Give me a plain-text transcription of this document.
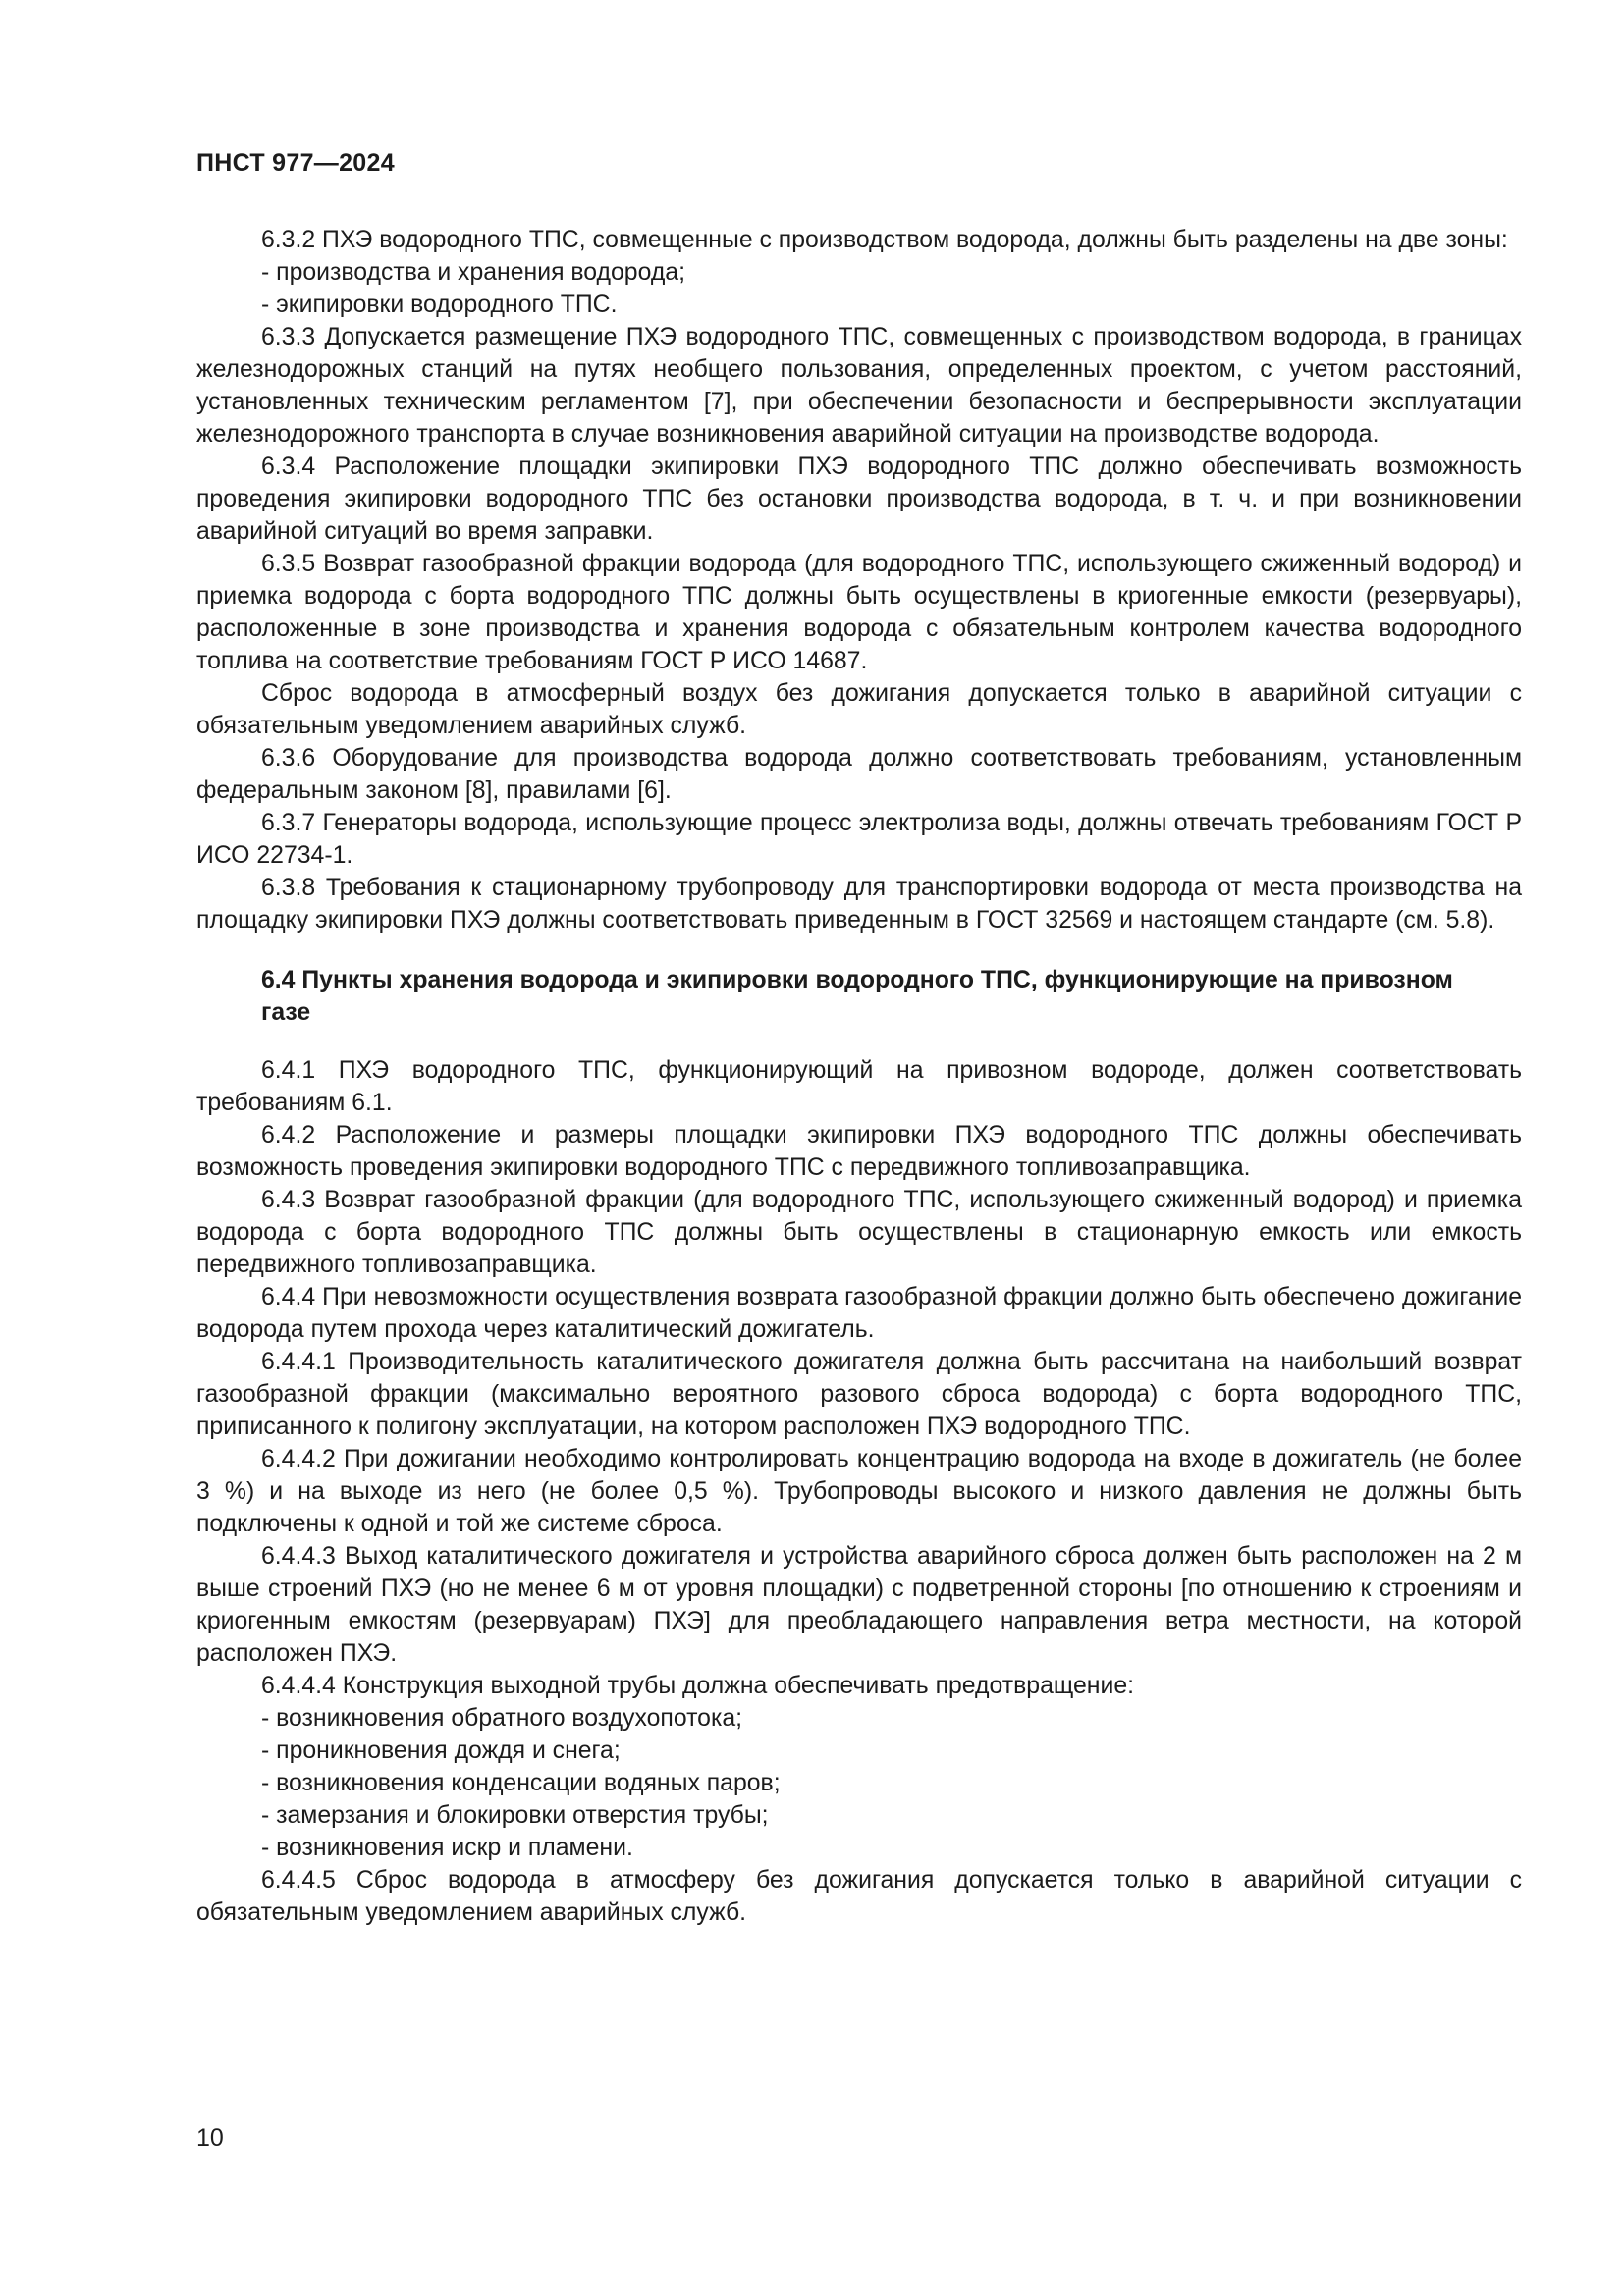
ПНСТ 977—2024

6.3.2 ПХЭ водородного ТПС, совмещенные с производством водорода, должны быть разделены на две зоны:

- производства и хранения водорода;

- экипировки водородного ТПС.

6.3.3 Допускается размещение ПХЭ водородного ТПС, совмещенных с производством водорода, в границах железнодорожных станций на путях необщего пользования, определенных проектом, с учетом расстояний, установленных техническим регламентом [7], при обеспечении безопасности и беспрерывности эксплуатации железнодорожного транспорта в случае возникновения аварийной ситуации на производстве водорода.

6.3.4 Расположение площадки экипировки ПХЭ водородного ТПС должно обеспечивать возможность проведения экипировки водородного ТПС без остановки производства водорода, в т. ч. и при возникновении аварийной ситуаций во время заправки.

6.3.5 Возврат газообразной фракции водорода (для водородного ТПС, использующего сжиженный водород) и приемка водорода с борта водородного ТПС должны быть осуществлены в криогенные емкости (резервуары), расположенные в зоне производства и хранения водорода с обязательным контролем качества водородного топлива на соответствие требованиям ГОСТ Р ИСО 14687.

Сброс водорода в атмосферный воздух без дожигания допускается только в аварийной ситуации с обязательным уведомлением аварийных служб.

6.3.6 Оборудование для производства водорода должно соответствовать требованиям, установленным федеральным законом [8], правилами [6].

6.3.7 Генераторы водорода, использующие процесс электролиза воды, должны отвечать требованиям ГОСТ Р ИСО 22734-1.

6.3.8 Требования к стационарному трубопроводу для транспортировки водорода от места производства на площадку экипировки ПХЭ должны соответствовать приведенным в ГОСТ 32569 и настоящем стандарте (см. 5.8).

6.4 Пункты хранения водорода и экипировки водородного ТПС, функционирующие на привозном газе

6.4.1 ПХЭ водородного ТПС, функционирующий на привозном водороде, должен соответствовать требованиям 6.1.

6.4.2 Расположение и размеры площадки экипировки ПХЭ водородного ТПС должны обеспечивать возможность проведения экипировки водородного ТПС с передвижного топливозаправщика.

6.4.3 Возврат газообразной фракции (для водородного ТПС, использующего сжиженный водород) и приемка водорода с борта водородного ТПС должны быть осуществлены в стационарную емкость или емкость передвижного топливозаправщика.

6.4.4 При невозможности осуществления возврата газообразной фракции должно быть обеспечено дожигание водорода путем прохода через каталитический дожигатель.

6.4.4.1 Производительность каталитического дожигателя должна быть рассчитана на наибольший возврат газообразной фракции (максимально вероятного разового сброса водорода) с борта водородного ТПС, приписанного к полигону эксплуатации, на котором расположен ПХЭ водородного ТПС.

6.4.4.2 При дожигании необходимо контролировать концентрацию водорода на входе в дожигатель (не более 3 %) и на выходе из него (не более 0,5 %). Трубопроводы высокого и низкого давления не должны быть подключены к одной и той же системе сброса.

6.4.4.3 Выход каталитического дожигателя и устройства аварийного сброса должен быть расположен на 2 м выше строений ПХЭ (но не менее 6 м от уровня площадки) с подветренной стороны [по отношению к строениям и криогенным емкостям (резервуарам) ПХЭ] для преобладающего направления ветра местности, на которой расположен ПХЭ.

6.4.4.4 Конструкция выходной трубы должна обеспечивать предотвращение:

- возникновения обратного воздухопотока;

- проникновения дождя и снега;

- возникновения конденсации водяных паров;

- замерзания и блокировки отверстия трубы;

- возникновения искр и пламени.

6.4.4.5 Сброс водорода в атмосферу без дожигания допускается только в аварийной ситуации с обязательным уведомлением аварийных служб.

10
